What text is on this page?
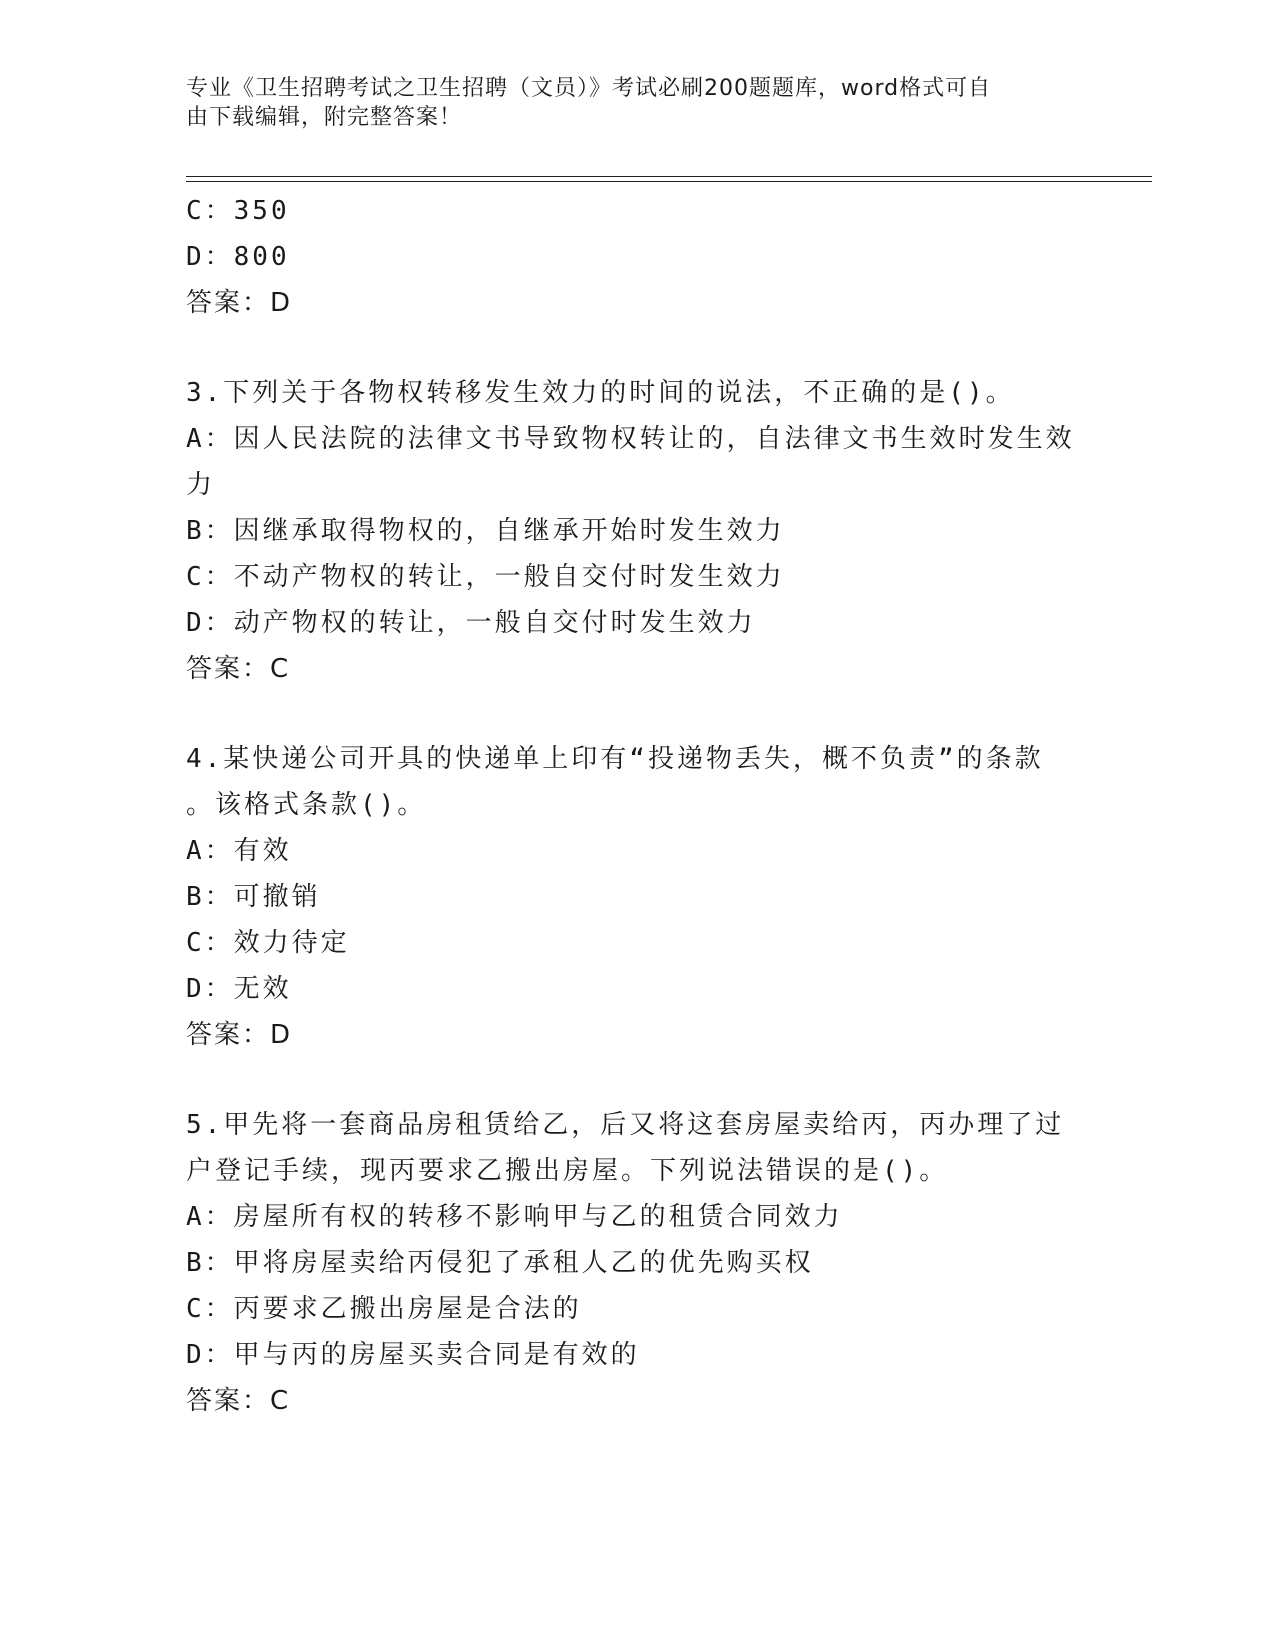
专业《卫生招聘考试之卫生招聘（文员）》考试必刷200题题库，word格式可自
由下载编辑，附完整答案！
C：350
D：800
答案：D
3.下列关于各物权转移发生效力的时间的说法，不正确的是()。
A：因人民法院的法律文书导致物权转让的，自法律文书生效时发生效
力
B：因继承取得物权的，自继承开始时发生效力
C：不动产物权的转让，一般自交付时发生效力
D：动产物权的转让，一般自交付时发生效力
答案：C
4.某快递公司开具的快递单上印有“投递物丢失，概不负责”的条款
。该格式条款()。
A：有效
B：可撤销
C：效力待定
D：无效
答案：D
5.甲先将一套商品房租赁给乙，后又将这套房屋卖给丙，丙办理了过
户登记手续，现丙要求乙搬出房屋。下列说法错误的是()。
A：房屋所有权的转移不影响甲与乙的租赁合同效力
B：甲将房屋卖给丙侵犯了承租人乙的优先购买权
C：丙要求乙搬出房屋是合法的
D：甲与丙的房屋买卖合同是有效的
答案：C
